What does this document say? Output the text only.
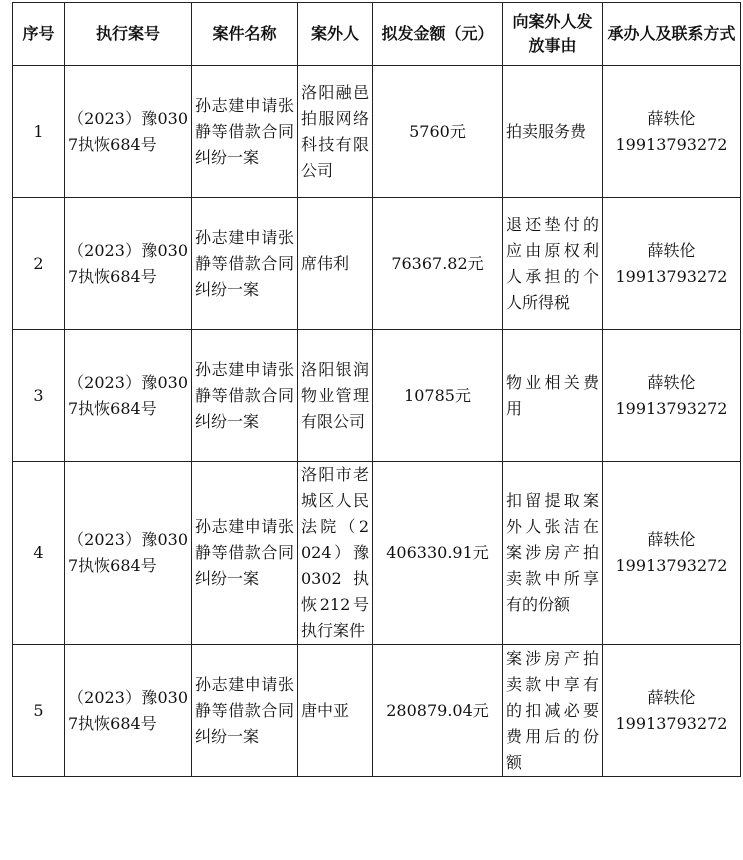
序号	执行案号	案件名称	案外人	拟发金额（元）	向案外人发放事由	承办人及联系方式
1	（2023）豫0307执恢684号	孙志建申请张静等借款合同纠纷一案	洛阳融邑拍服网络科技有限公司	5760元	拍卖服务费	薛轶伦
19913793272

2	（2023）豫0307执恢684号	孙志建申请张静等借款合同纠纷一案	席伟利	76367.82元	退还垫付的应由原权利人承担的个人所得税	薛轶伦
19913793272

3	（2023）豫0307执恢684号	孙志建申请张静等借款合同纠纷一案	洛阳银润物业管理有限公司	10785元	物业相关费用	薛轶伦
19913793272

4	（2023）豫0307执恢684号	孙志建申请张静等借款合同纠纷一案	洛阳市老城区人民法院（2024）豫0302执恢212号执行案件	406330.91元	扣留提取案外人张洁在案涉房产拍卖款中所享有的份额	薛轶伦
19913793272

5	（2023）豫0307执恢684号	孙志建申请张静等借款合同纠纷一案	唐中亚	280879.04元	案涉房产拍卖款中享有的扣减必要费用后的份额	薛轶伦
19913793272
